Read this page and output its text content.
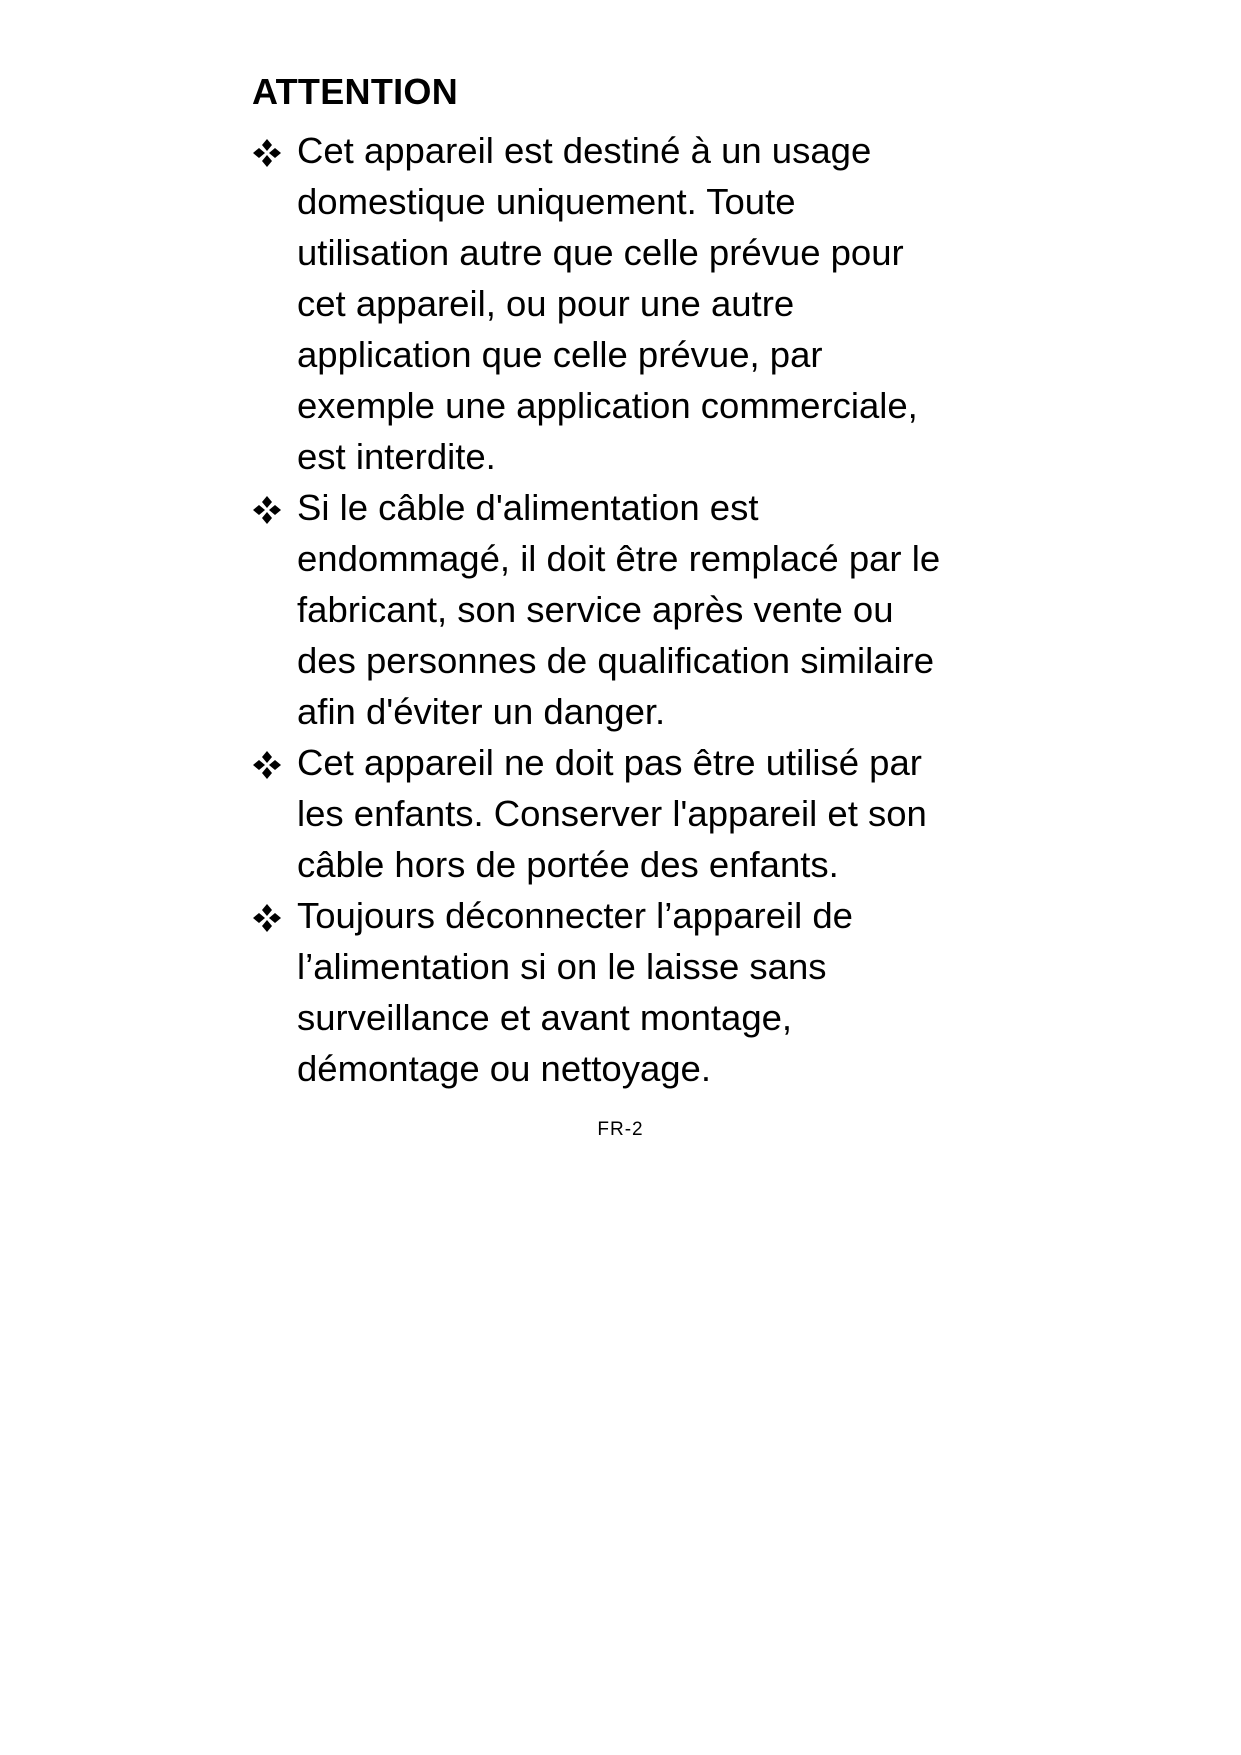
ATTENTION
Cet appareil est destiné à un usage
domestique uniquement. Toute
utilisation autre que celle prévue pour
cet appareil, ou pour une autre
application que celle prévue, par
exemple une application commerciale,
est interdite.
Si le câble d'alimentation est
endommagé, il doit être remplacé par le
fabricant, son service après vente ou
des personnes de qualification similaire
afin d'éviter un danger.
Cet appareil ne doit pas être utilisé par
les enfants. Conserver l'appareil et son
câble hors de portée des enfants.
Toujours déconnecter l’appareil de
l’alimentation si on le laisse sans
surveillance et avant montage,
démontage ou nettoyage.
FR-2
